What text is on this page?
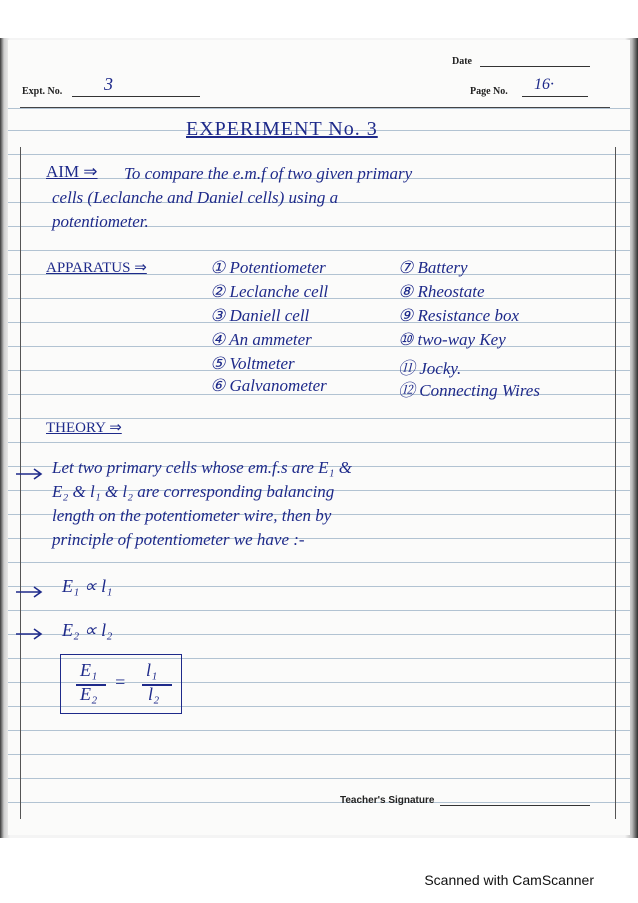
Date
Expt. No. 3	Page No. 16·
EXPERIMENT No. 3
AIM ⇒ To compare the e.m.f of two given primary
cells (Leclanche and Daniel cells) using a
potentiometer.
APPARATUS ⇒	① Potentiometer
② Leclanche cell
③ Daniell cell
④ An ammeter
⑤ Voltmeter
⑥ Galvanometer
⑦ Battery
⑧ Rheostate
⑨ Resistance box
⑩ two-way Key
⑪ Jocky.
⑫ Connecting Wires
THEORY ⇒
Let two primary cells whose em.f.s are E₁ &
E₂ & l₁ & l₂ are corresponding balancing
length on the potentiometer wire, then by
principle of potentiometer we have :-
E₁ ∝ l₁
E₂ ∝ l₂
E₁
E₂
=
l₁
l₂
Teacher's Signature
Scanned with CamScanner
